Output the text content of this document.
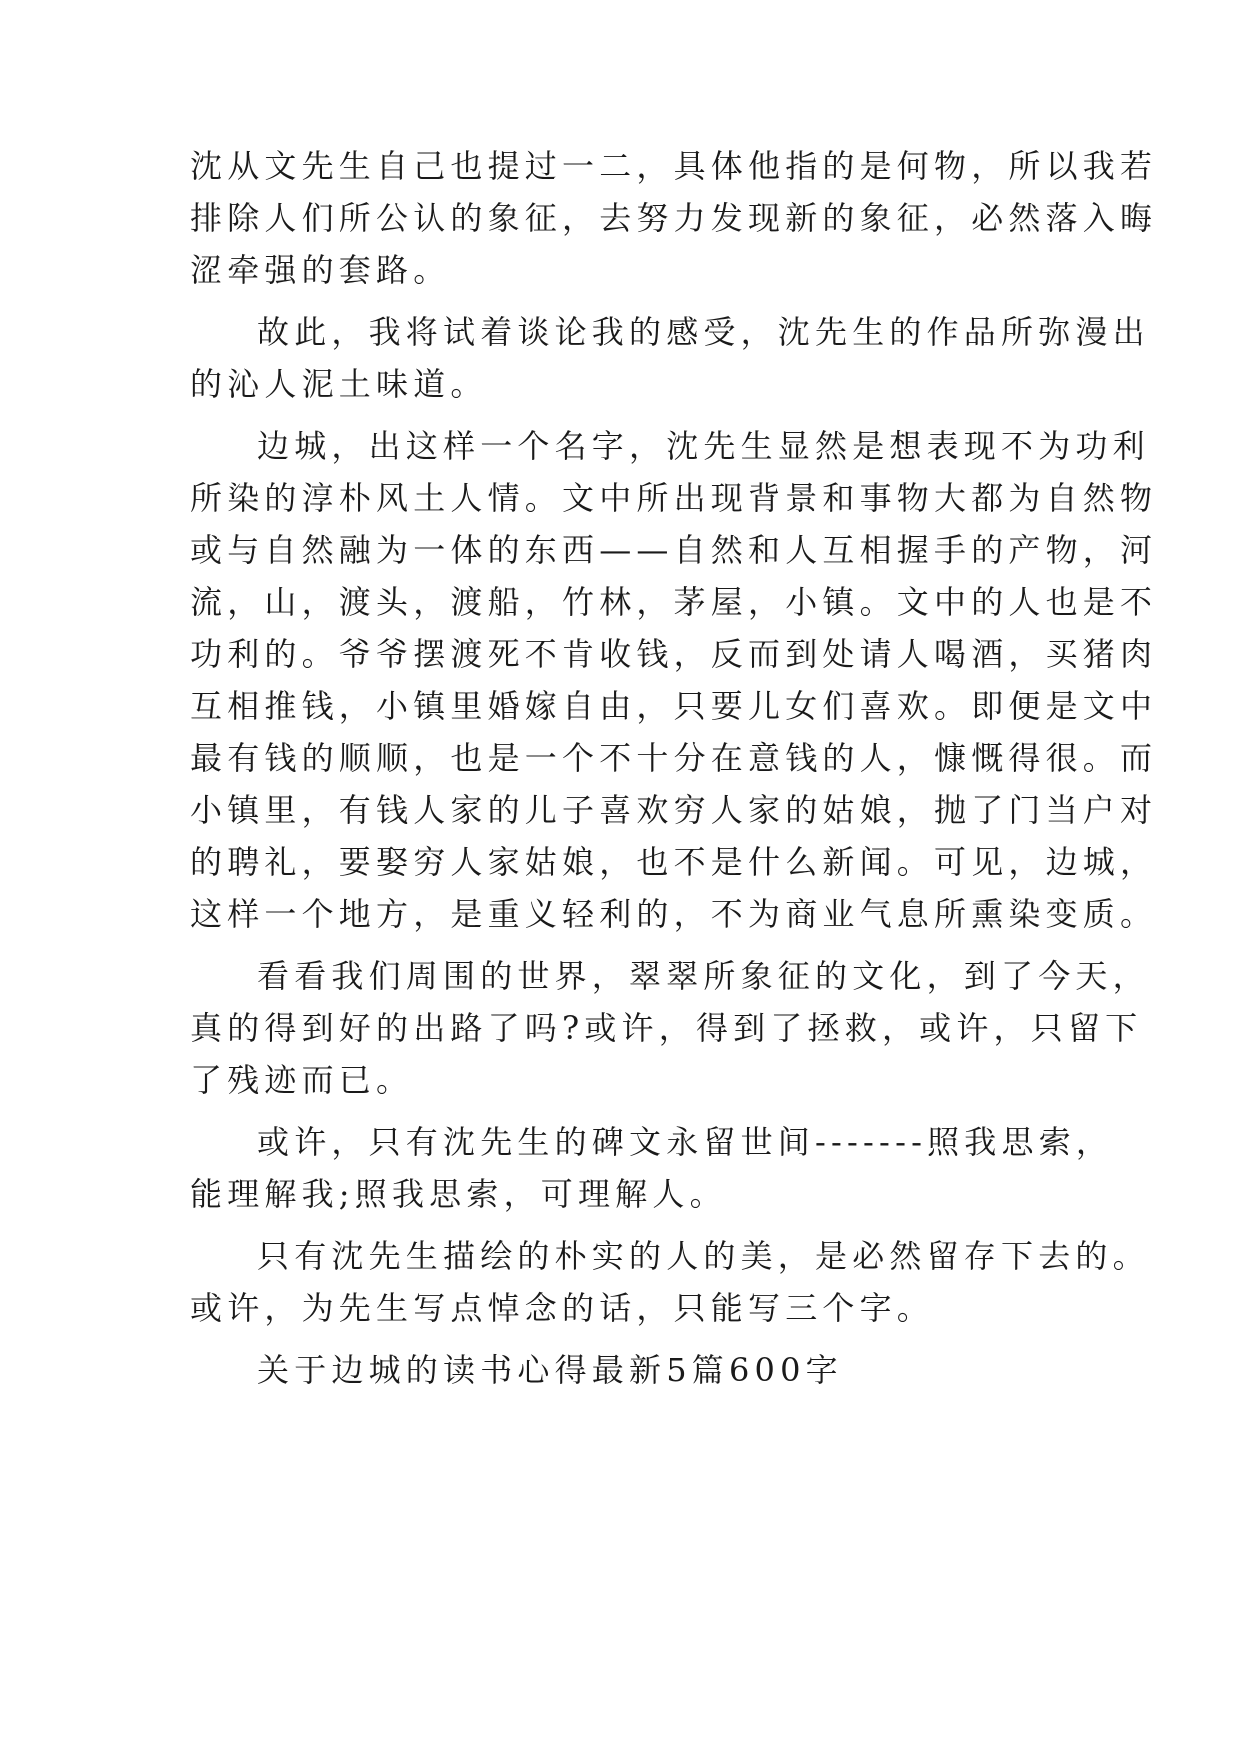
沈从文先生自己也提过一二，具体他指的是何物，所以我若
排除人们所公认的象征，去努力发现新的象征，必然落入晦
涩牵强的套路。
故此，我将试着谈论我的感受，沈先生的作品所弥漫出
的沁人泥土味道。
边城，出这样一个名字，沈先生显然是想表现不为功利
所染的淳朴风土人情。文中所出现背景和事物大都为自然物
或与自然融为一体的东西——自然和人互相握手的产物，河
流，山，渡头，渡船，竹林，茅屋，小镇。文中的人也是不
功利的。爷爷摆渡死不肯收钱，反而到处请人喝酒，买猪肉
互相推钱，小镇里婚嫁自由，只要儿女们喜欢。即便是文中
最有钱的顺顺，也是一个不十分在意钱的人，慷慨得很。而
小镇里，有钱人家的儿子喜欢穷人家的姑娘，抛了门当户对
的聘礼，要娶穷人家姑娘，也不是什么新闻。可见，边城，
这样一个地方，是重义轻利的，不为商业气息所熏染变质。
看看我们周围的世界，翠翠所象征的文化，到了今天，
真的得到好的出路了吗?或许，得到了拯救，或许，只留下
了残迹而已。
或许，只有沈先生的碑文永留世间-------照我思索，
能理解我;照我思索，可理解人。
只有沈先生描绘的朴实的人的美，是必然留存下去的。
或许，为先生写点悼念的话，只能写三个字。
关于边城的读书心得最新5篇600字
